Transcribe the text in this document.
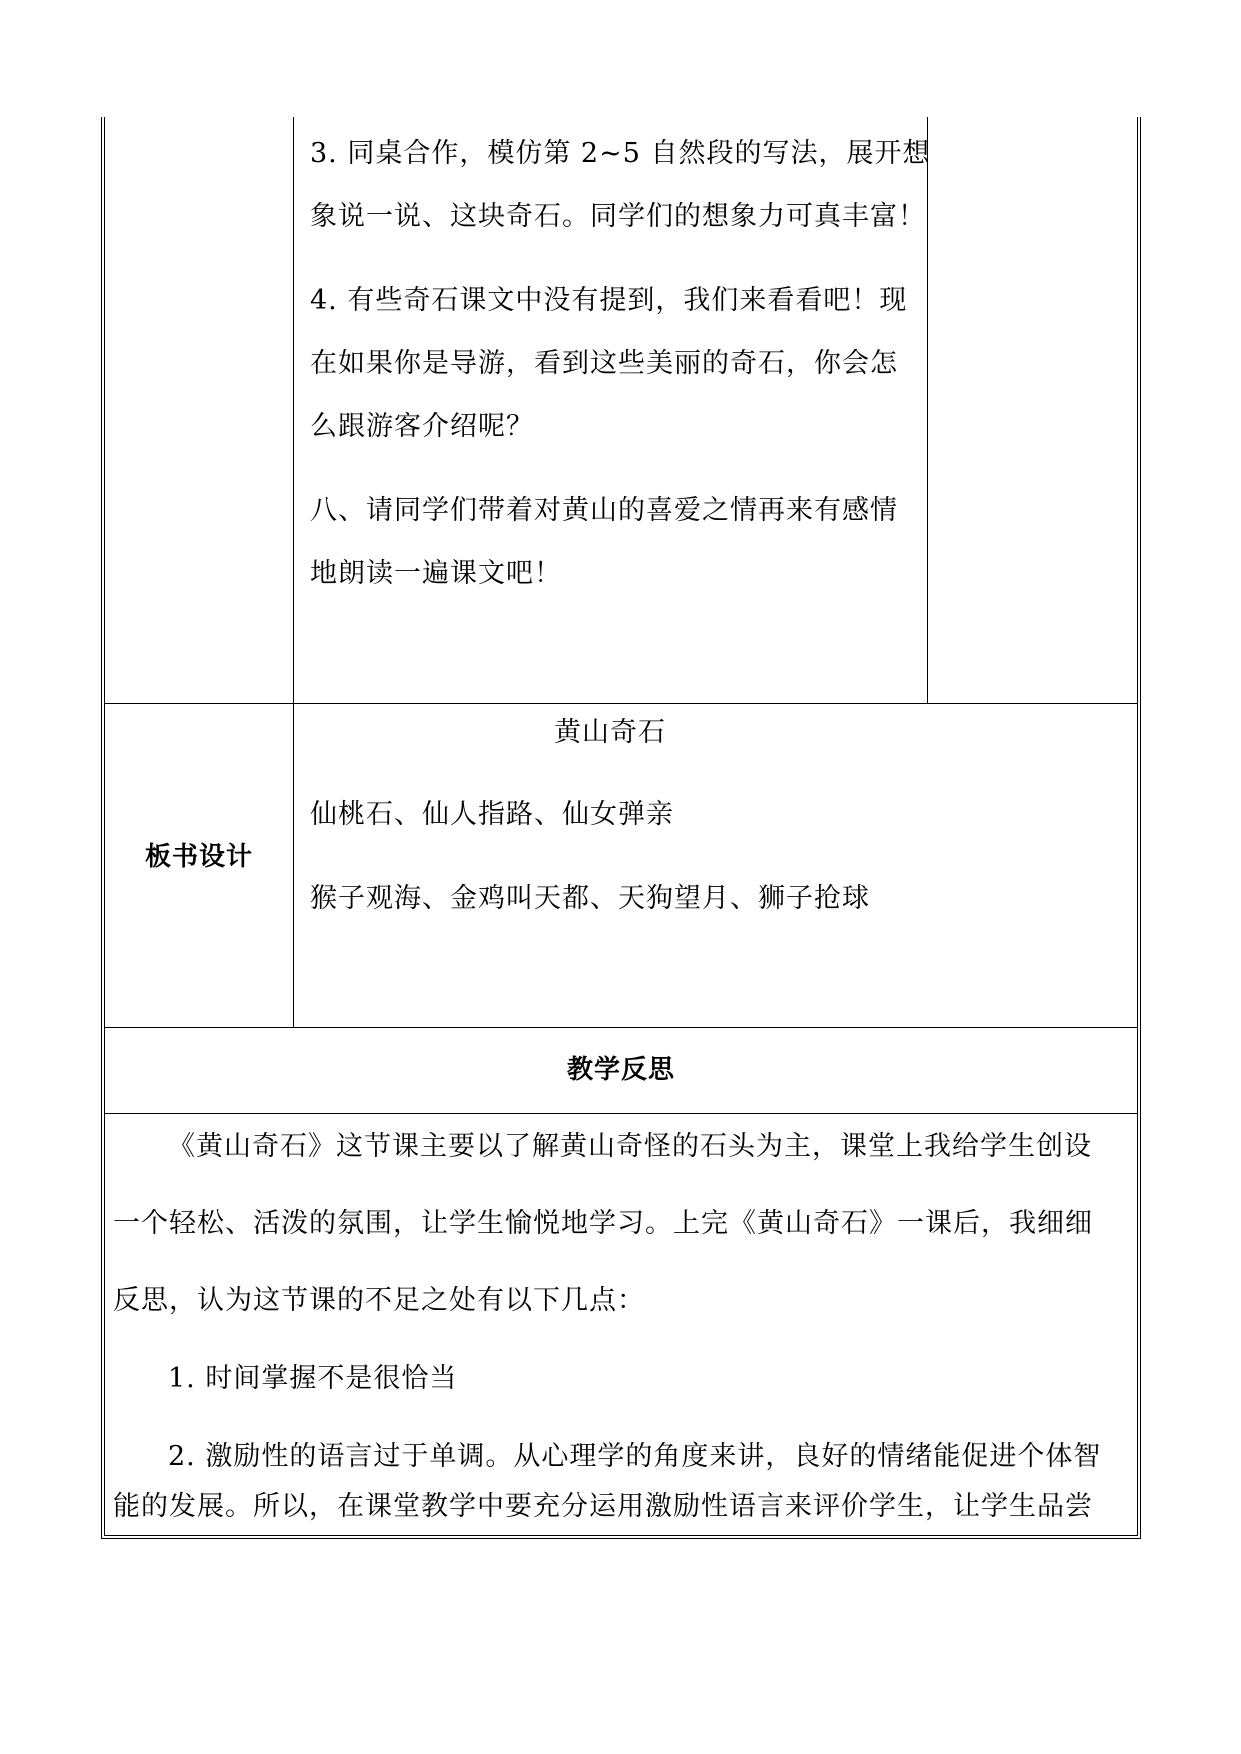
3. 同桌合作，模仿第 2~5 自然段的写法，展开想
象说一说、这块奇石。同学们的想象力可真丰富！
4. 有些奇石课文中没有提到，我们来看看吧！现
在如果你是导游，看到这些美丽的奇石，你会怎
么跟游客介绍呢？
八、请同学们带着对黄山的喜爱之情再来有感情
地朗读一遍课文吧！
板书设计
黄山奇石
仙桃石、仙人指路、仙女弹亲
猴子观海、金鸡叫天都、天狗望月、狮子抢球
教学反思
《黄山奇石》这节课主要以了解黄山奇怪的石头为主，课堂上我给学生创设
一个轻松、活泼的氛围，让学生愉悦地学习。上完《黄山奇石》一课后，我细细
反思，认为这节课的不足之处有以下几点：
1. 时间掌握不是很恰当
2. 激励性的语言过于单调。从心理学的角度来讲，良好的情绪能促进个体智
能的发展。所以，在课堂教学中要充分运用激励性语言来评价学生，让学生品尝
